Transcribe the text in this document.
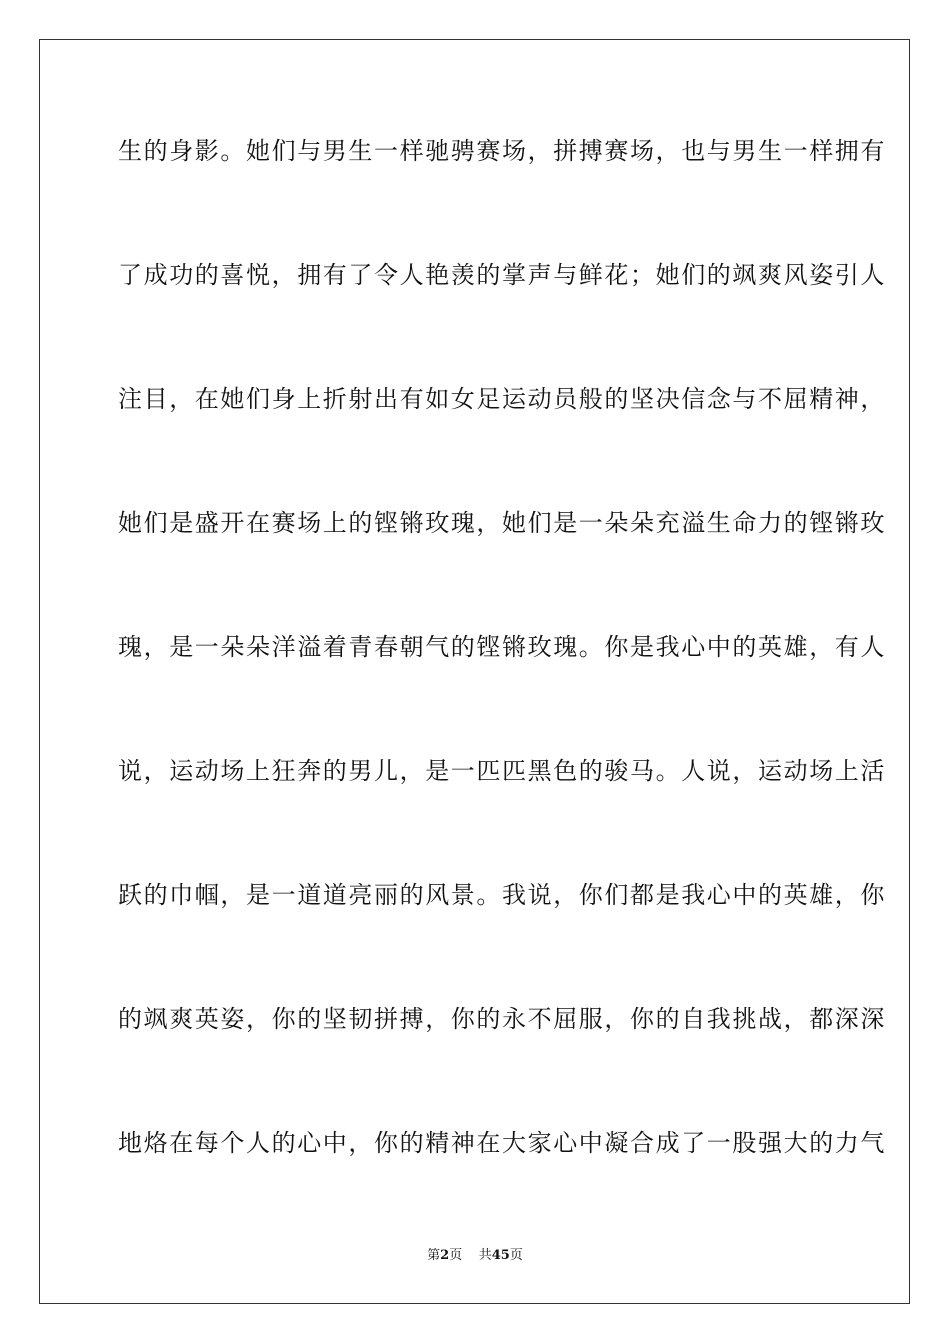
生的身影。她们与男生一样驰骋赛场，拼搏赛场，也与男生一样拥有
了成功的喜悦，拥有了令人艳羡的掌声与鲜花；她们的飒爽风姿引人
注目，在她们身上折射出有如女足运动员般的坚决信念与不屈精神，
她们是盛开在赛场上的铿锵玫瑰，她们是一朵朵充溢生命力的铿锵玫
瑰，是一朵朵洋溢着青春朝气的铿锵玫瑰。你是我心中的英雄，有人
说，运动场上狂奔的男儿，是一匹匹黑色的骏马。人说，运动场上活
跃的巾帼，是一道道亮丽的风景。我说，你们都是我心中的英雄，你
的飒爽英姿，你的坚韧拼搏，你的永不屈服，你的自我挑战，都深深
地烙在每个人的心中，你的精神在大家心中凝合成了一股强大的力气
第2页 共45页
